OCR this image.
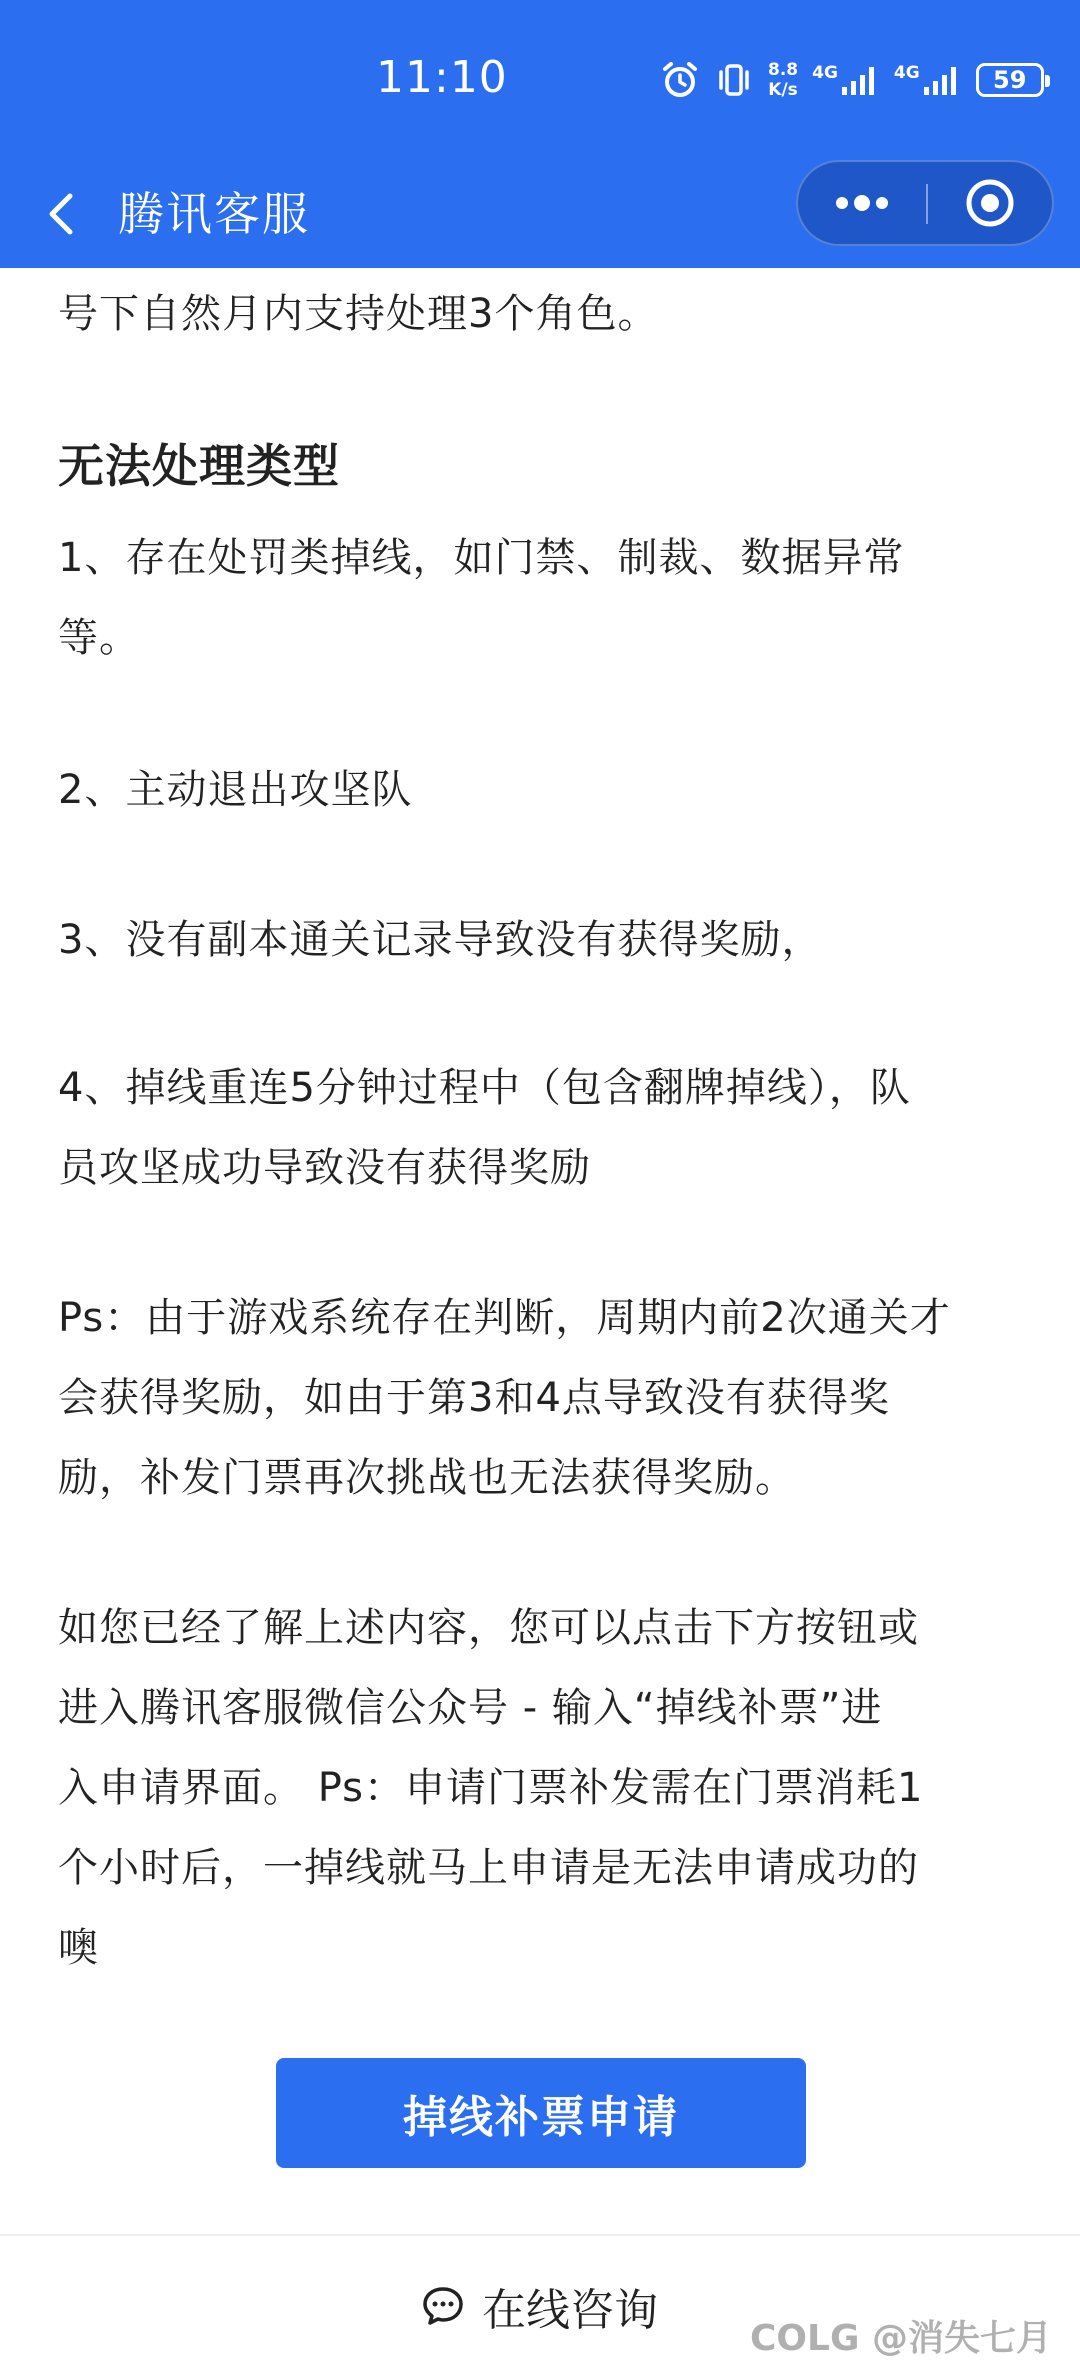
11:10	8.8
K/s
4G	4G	59
腾讯客服

号下自然月内支持处理3个角色。

无法处理类型

1、存在处罚类掉线，如门禁、制裁、数据异常

等。

2、主动退出攻坚队

3、没有副本通关记录导致没有获得奖励，

4、掉线重连5分钟过程中（包含翻牌掉线），队

员攻坚成功导致没有获得奖励

Ps：由于游戏系统存在判断，周期内前2次通关才

会获得奖励，如由于第3和4点导致没有获得奖

励，补发门票再次挑战也无法获得奖励。

如您已经了解上述内容，您可以点击下方按钮或

进入腾讯客服微信公众号 - 输入“掉线补票”进

入申请界面。 Ps：申请门票补发需在门票消耗1

个小时后，一掉线就马上申请是无法申请成功的

噢

掉线补票申请
在线咨询
COLG @消失七月
